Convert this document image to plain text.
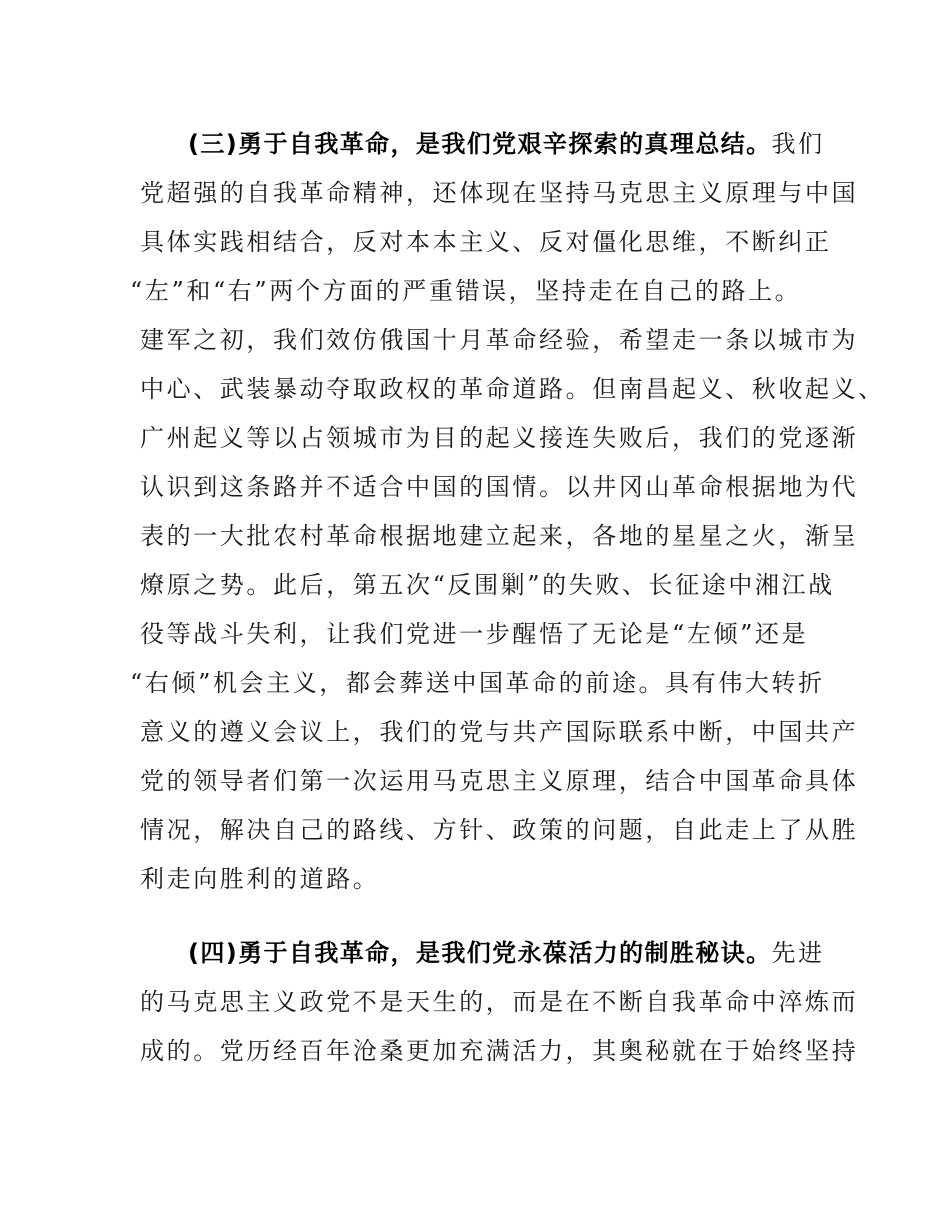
(三)勇于自我革命，是我们党艰辛探索的真理总结。我们
党超强的自我革命精神，还体现在坚持马克思主义原理与中国
具体实践相结合，反对本本主义、反对僵化思维，不断纠正
“左”和“右”两个方面的严重错误，坚持走在自己的路上。
建军之初，我们效仿俄国十月革命经验，希望走一条以城市为
中心、武装暴动夺取政权的革命道路。但南昌起义、秋收起义、
广州起义等以占领城市为目的起义接连失败后，我们的党逐渐
认识到这条路并不适合中国的国情。以井冈山革命根据地为代
表的一大批农村革命根据地建立起来，各地的星星之火，渐呈
燎原之势。此后，第五次“反围剿”的失败、长征途中湘江战
役等战斗失利，让我们党进一步醒悟了无论是“左倾”还是
“右倾”机会主义，都会葬送中国革命的前途。具有伟大转折
意义的遵义会议上，我们的党与共产国际联系中断，中国共产
党的领导者们第一次运用马克思主义原理，结合中国革命具体
情况，解决自己的路线、方针、政策的问题，自此走上了从胜
利走向胜利的道路。
(四)勇于自我革命，是我们党永葆活力的制胜秘诀。先进
的马克思主义政党不是天生的，而是在不断自我革命中淬炼而
成的。党历经百年沧桑更加充满活力，其奥秘就在于始终坚持
